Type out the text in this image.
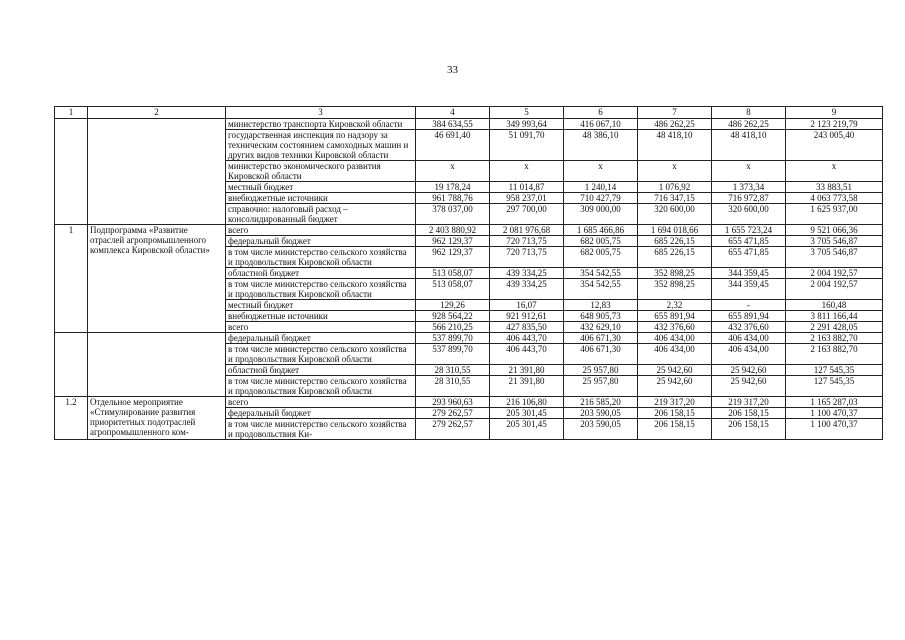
33
1	2	3	4	5	6	7	8	9
		министерство транспорта Кировской области	384 634,55	349 993,64	416 067,10	486 262,25	486 262,25	2 123 219,79
		государственная инспекция по надзору за техническим состоянием самоходных машин и других видов техники Кировской области	46 691,40	51 091,70	48 386,10	48 418,10	48 418,10	243 005,40
		министерство экономического развития Кировской области	х	х	х	х	х	х
		местный бюджет	19 178,24	11 014,87	1 240,14	1 076,92	1 373,34	33 883,51
		внебюджетные источники	961 788,76	958 237,01	710 427,79	716 347,15	716 972,87	4 063 773,58
		справочно: налоговый расход – консолидированный бюджет	378 037,00	297 700,00	309 000,00	320 600,00	320 600,00	1 625 937,00
1	Подпрограмма «Развитие отраслей агропромышленного комплекса Кировской области»	всего	2 403 880,92	2 081 976,68	1 685 466,86	1 694 018,66	1 655 723,24	9 521 066,36
		федеральный бюджет	962 129,37	720 713,75	682 005,75	685 226,15	655 471,85	3 705 546,87
		в том числе министерство сельского хозяйства и продовольствия Кировской области	962 129,37	720 713,75	682 005,75	685 226,15	655 471,85	3 705 546,87
		областной бюджет	513 058,07	439 334,25	354 542,55	352 898,25	344 359,45	2 004 192,57
		в том числе министерство сельского хозяйства и продовольствия Кировской области	513 058,07	439 334,25	354 542,55	352 898,25	344 359,45	2 004 192,57
		местный бюджет	129,26	16,07	12,83	2,32	-	160,48
		внебюджетные источники	928 564,22	921 912,61	648 905,73	655 891,94	655 891,94	3 811 166,44
		всего	566 210,25	427 835,50	432 629,10	432 376,60	432 376,60	2 291 428,05
		федеральный бюджет	537 899,70	406 443,70	406 671,30	406 434,00	406 434,00	2 163 882,70
		в том числе министерство сельского хозяйства и продовольствия Кировской области	537 899,70	406 443,70	406 671,30	406 434,00	406 434,00	2 163 882,70
		областной бюджет	28 310,55	21 391,80	25 957,80	25 942,60	25 942,60	127 545,35
		в том числе министерство сельского хозяйства и продовольствия Кировской области	28 310,55	21 391,80	25 957,80	25 942,60	25 942,60	127 545,35
1.2	Отдельное мероприятие «Стимулирование развития приоритетных подотраслей агропромышленного ком-	всего	293 960,63	216 106,80	216 585,20	219 317,20	219 317,20	1 165 287,03
		федеральный бюджет	279 262,57	205 301,45	203 590,05	206 158,15	206 158,15	1 100 470,37
		в том числе министерство сельского хозяйства и продовольствия Ки-	279 262,57	205 301,45	203 590,05	206 158,15	206 158,15	1 100 470,37
